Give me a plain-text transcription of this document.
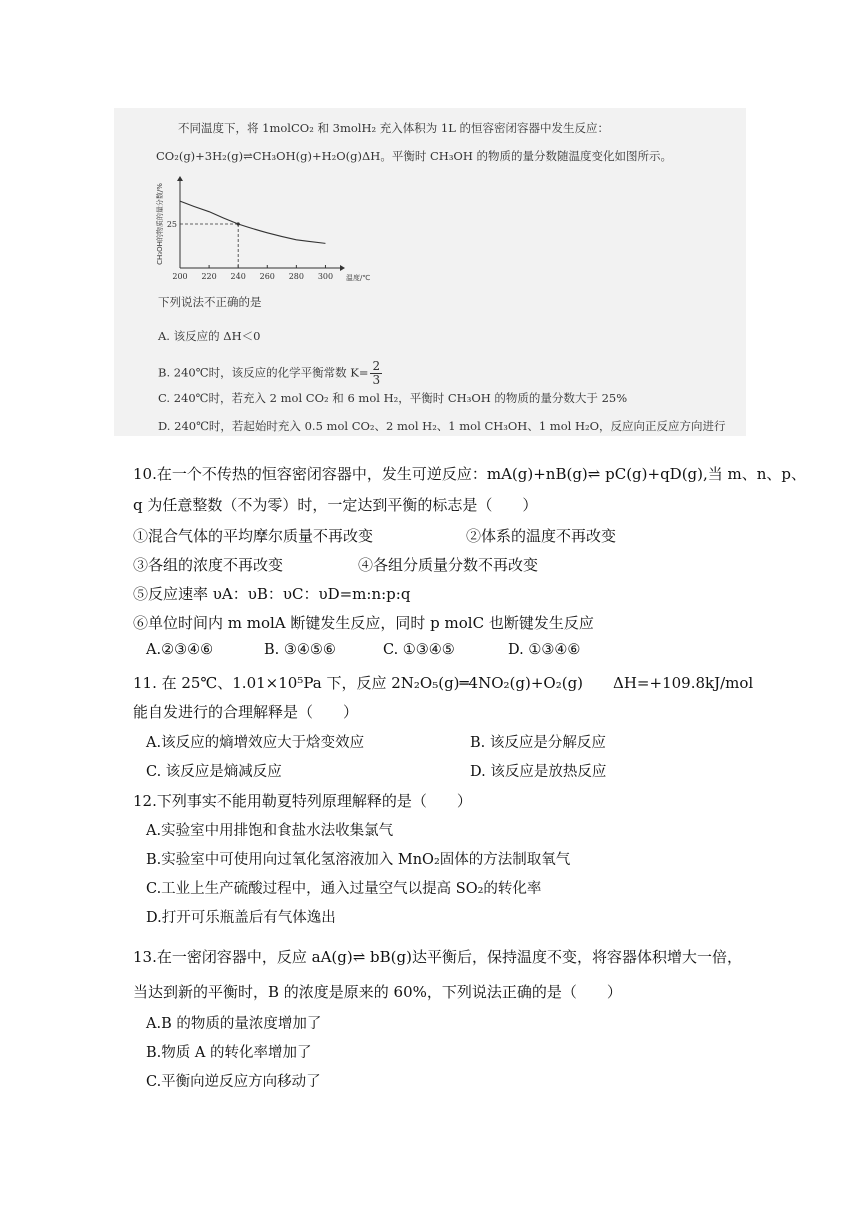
不同温度下，将 1molCO₂ 和 3molH₂ 充入体积为 1L 的恒容密闭容器中发生反应：
CO₂(g)+3H₂(g)⇌CH₃OH(g)+H₂O(g)ΔH。平衡时 CH₃OH 的物质的量分数随温度变化如图所示。
CH₃OH的物质的量分数/%
温度/℃
200 220 240 260 280 300
25
下列说法不正确的是
A. 该反应的 ΔH＜0
B. 240℃时，该反应的化学平衡常数 $K= \frac{2}{3}$
C. 240℃时，若充入 2 mol CO₂ 和 6 mol H₂，平衡时 CH₃OH 的物质的量分数大于 25%
D. 240℃时，若起始时充入 0.5 mol CO₂、2 mol H₂、1 mol CH₃OH、1 mol H₂O，反应向正反应方向进行
10.在一个不传热的恒容密闭容器中，发生可逆反应：mA(g)+nB(g)⇌ pC(g)+qD(g),当 m、n、p、
q 为任意整数（不为零）时，一定达到平衡的标志是（　　）
①混合气体的平均摩尔质量不再改变	②体系的温度不再改变
③各组的浓度不再改变	④各组分质量分数不再改变
⑤反应速率 υA：υB：υC：υD=m:n:p:q
⑥单位时间内 m molA 断键发生反应，同时 p molC 也断键发生反应
A.②③④⑥	B. ③④⑤⑥	C. ①③④⑤	D. ①③④⑥
11. 在 25℃、1.01×10⁵Pa 下，反应 2N₂O₅(g)═4NO₂(g)+O₂(g)　　ΔH=+109.8kJ/mol
能自发进行的合理解释是（　　）
A.该反应的熵增效应大于焓变效应	B. 该反应是分解反应
C. 该反应是熵减反应	D. 该反应是放热反应
12.下列事实不能用勒夏特列原理解释的是（　　）
A.实验室中用排饱和食盐水法收集氯气
B.实验室中可使用向过氧化氢溶液加入 MnO₂固体的方法制取氧气
C.工业上生产硫酸过程中，通入过量空气以提高 SO₂的转化率
D.打开可乐瓶盖后有气体逸出
13.在一密闭容器中，反应 aA(g)⇌ bB(g)达平衡后，保持温度不变，将容器体积增大一倍，
当达到新的平衡时，B 的浓度是原来的 60%，下列说法正确的是（　　）
A.B 的物质的量浓度增加了
B.物质 A 的转化率增加了
C.平衡向逆反应方向移动了
